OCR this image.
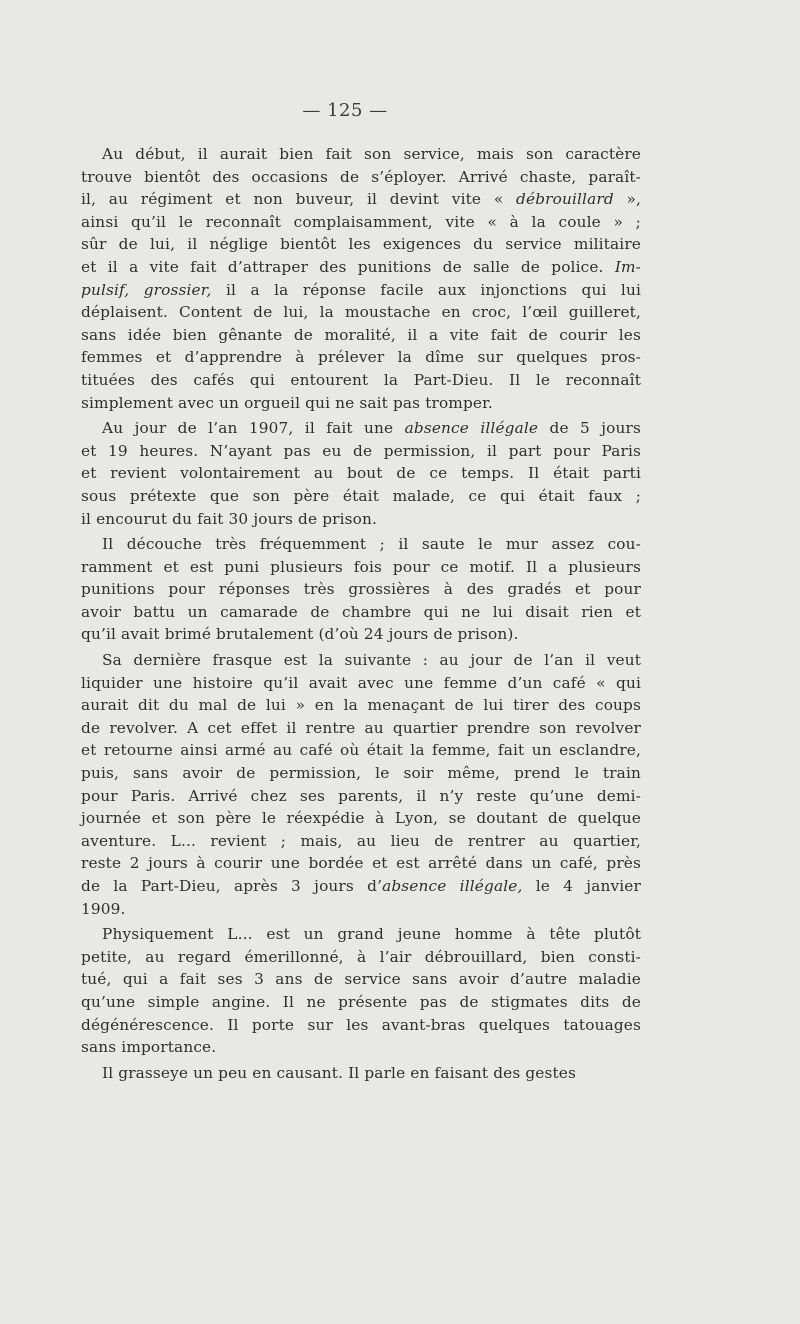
— 125 —
Au début, il aurait bien fait son service, mais son caractère
trouve bientôt des occasions de s’éployer. Arrivé chaste, paraît-
il, au régiment et non buveur, il devint vite « débrouillard »,
ainsi qu’il le reconnaît complaisamment, vite « à la coule » ;
sûr de lui, il néglige bientôt les exigences du service militaire
et il a vite fait d’attraper des punitions de salle de police. Im-
pulsif, grossier, il a la réponse facile aux injonctions qui lui
déplaisent. Content de lui, la moustache en croc, l’œil guilleret,
sans idée bien gênante de moralité, il a vite fait de courir les
femmes et d’apprendre à prélever la dîme sur quelques pros-
tituées des cafés qui entourent la Part-Dieu. Il le reconnaît
simplement avec un orgueil qui ne sait pas tromper.
Au jour de l’an 1907, il fait une absence illégale de 5 jours
et 19 heures. N’ayant pas eu de permission, il part pour Paris
et revient volontairement au bout de ce temps. Il était parti
sous prétexte que son père était malade, ce qui était faux ;
il encourut du fait 30 jours de prison.
Il découche très fréquemment ; il saute le mur assez cou-
ramment et est puni plusieurs fois pour ce motif. Il a plusieurs
punitions pour réponses très grossières à des gradés et pour
avoir battu un camarade de chambre qui ne lui disait rien et
qu’il avait brimé brutalement (d’où 24 jours de prison).
Sa dernière frasque est la suivante : au jour de l’an il veut
liquider une histoire qu’il avait avec une femme d’un café « qui
aurait dit du mal de lui » en la menaçant de lui tirer des coups
de revolver. A cet effet il rentre au quartier prendre son revolver
et retourne ainsi armé au café où était la femme, fait un esclandre,
puis, sans avoir de permission, le soir même, prend le train
pour Paris. Arrivé chez ses parents, il n’y reste qu’une demi-
journée et son père le réexpédie à Lyon, se doutant de quelque
aventure. L... revient ; mais, au lieu de rentrer au quartier,
reste 2 jours à courir une bordée et est arrêté dans un café, près
de la Part-Dieu, après 3 jours d’absence illégale, le 4 janvier
1909.
Physiquement L... est un grand jeune homme à tête plutôt
petite, au regard émerillonné, à l’air débrouillard, bien consti-
tué, qui a fait ses 3 ans de service sans avoir d’autre maladie
qu’une simple angine. Il ne présente pas de stigmates dits de
dégénérescence. Il porte sur les avant-bras quelques tatouages
sans importance.
Il grasseye un peu en causant. Il parle en faisant des gestes
